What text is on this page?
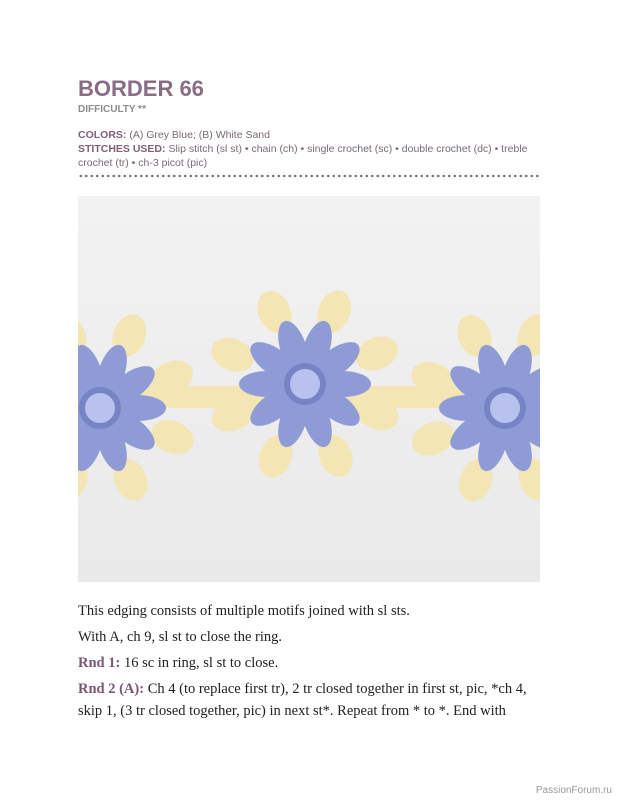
BORDER 66
DIFFICULTY **
COLORS: (A) Grey Blue; (B) White Sand
STITCHES USED: Slip stitch (sl st) • chain (ch) • single crochet (sc) • double crochet (dc) • treble crochet (tr) • ch-3 picot (pic)

This edging consists of multiple motifs joined with sl sts.

With A, ch 9, sl st to close the ring.

Rnd 1: 16 sc in ring, sl st to close.

Rnd 2 (A): Ch 4 (to replace first tr), 2 tr closed together in first st, pic, *ch 4, skip 1, (3 tr closed together, pic) in next st*. Repeat from * to *. End with

PassionForum.ru
